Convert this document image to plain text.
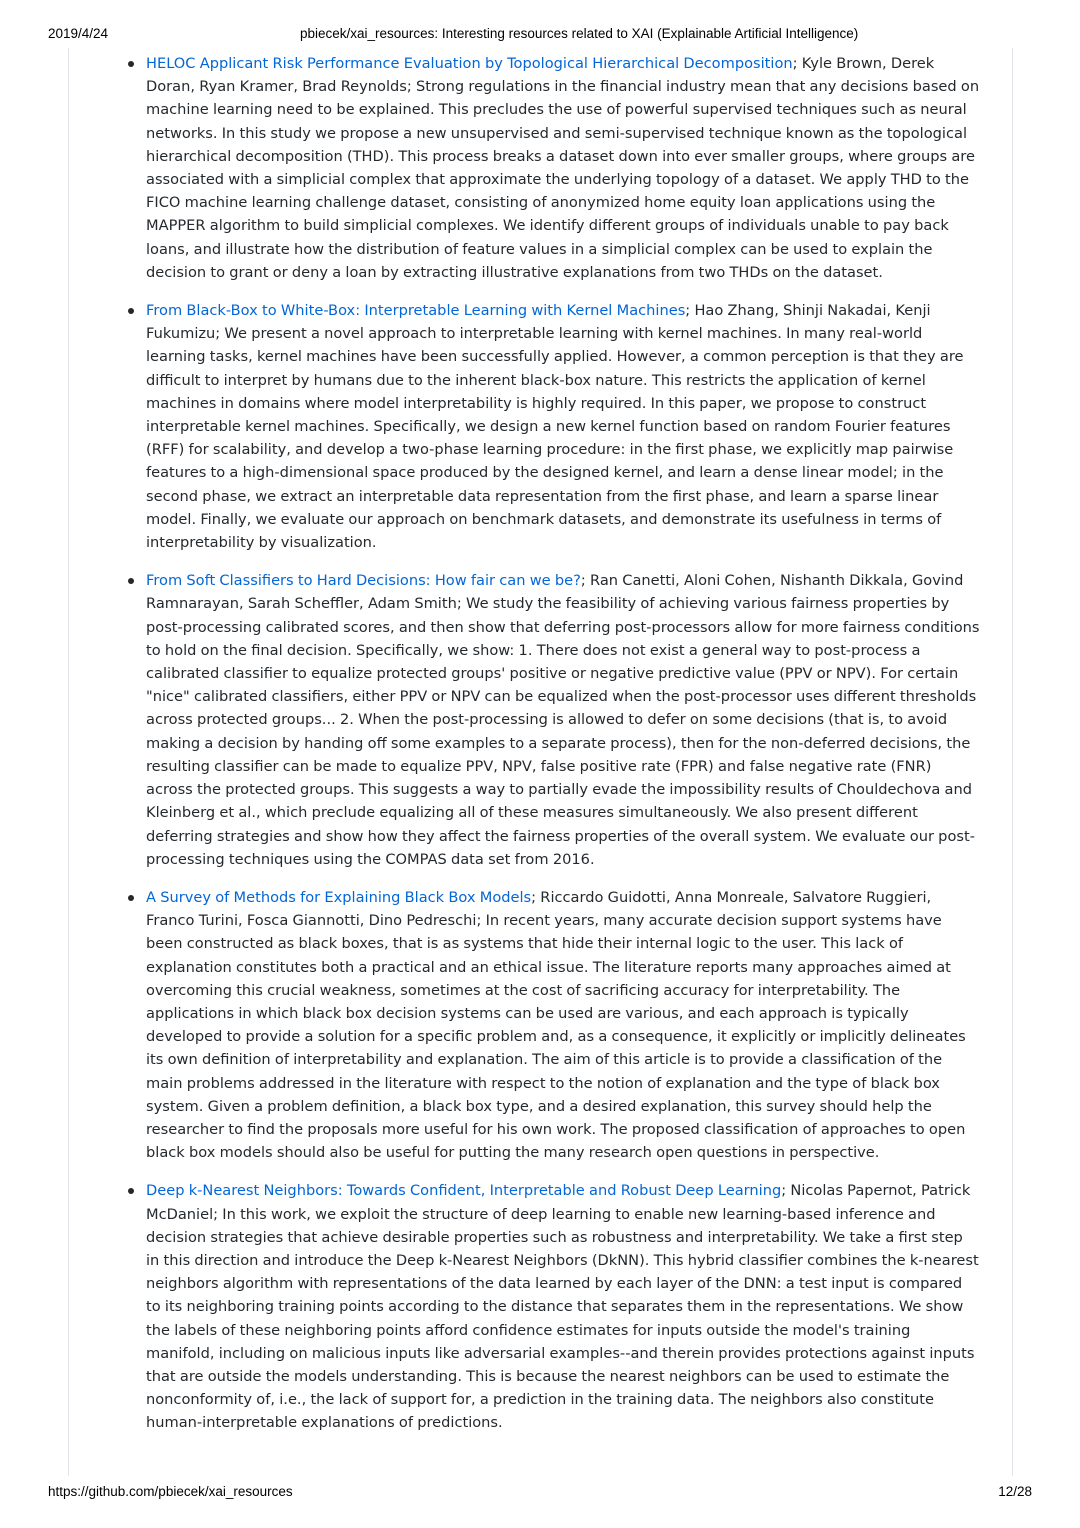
2019/4/24	pbiecek/xai_resources: Interesting resources related to XAI (Explainable Artificial Intelligence)
HELOC Applicant Risk Performance Evaluation by Topological Hierarchical Decomposition; Kyle Brown, Derek Doran, Ryan Kramer, Brad Reynolds; Strong regulations in the financial industry mean that any decisions based on machine learning need to be explained. This precludes the use of powerful supervised techniques such as neural networks. In this study we propose a new unsupervised and semi-supervised technique known as the topological hierarchical decomposition (THD). This process breaks a dataset down into ever smaller groups, where groups are associated with a simplicial complex that approximate the underlying topology of a dataset. We apply THD to the FICO machine learning challenge dataset, consisting of anonymized home equity loan applications using the MAPPER algorithm to build simplicial complexes. We identify different groups of individuals unable to pay back loans, and illustrate how the distribution of feature values in a simplicial complex can be used to explain the decision to grant or deny a loan by extracting illustrative explanations from two THDs on the dataset.
From Black-Box to White-Box: Interpretable Learning with Kernel Machines; Hao Zhang, Shinji Nakadai, Kenji Fukumizu; We present a novel approach to interpretable learning with kernel machines. In many real-world learning tasks, kernel machines have been successfully applied. However, a common perception is that they are difficult to interpret by humans due to the inherent black-box nature. This restricts the application of kernel machines in domains where model interpretability is highly required. In this paper, we propose to construct interpretable kernel machines. Specifically, we design a new kernel function based on random Fourier features (RFF) for scalability, and develop a two-phase learning procedure: in the first phase, we explicitly map pairwise features to a high-dimensional space produced by the designed kernel, and learn a dense linear model; in the second phase, we extract an interpretable data representation from the first phase, and learn a sparse linear model. Finally, we evaluate our approach on benchmark datasets, and demonstrate its usefulness in terms of interpretability by visualization.
From Soft Classifiers to Hard Decisions: How fair can we be?; Ran Canetti, Aloni Cohen, Nishanth Dikkala, Govind Ramnarayan, Sarah Scheffler, Adam Smith; We study the feasibility of achieving various fairness properties by post-processing calibrated scores, and then show that deferring post-processors allow for more fairness conditions to hold on the final decision. Specifically, we show: 1. There does not exist a general way to post-process a calibrated classifier to equalize protected groups' positive or negative predictive value (PPV or NPV). For certain "nice" calibrated classifiers, either PPV or NPV can be equalized when the post-processor uses different thresholds across protected groups... 2. When the post-processing is allowed to defer on some decisions (that is, to avoid making a decision by handing off some examples to a separate process), then for the non-deferred decisions, the resulting classifier can be made to equalize PPV, NPV, false positive rate (FPR) and false negative rate (FNR) across the protected groups. This suggests a way to partially evade the impossibility results of Chouldechova and Kleinberg et al., which preclude equalizing all of these measures simultaneously. We also present different deferring strategies and show how they affect the fairness properties of the overall system. We evaluate our post-processing techniques using the COMPAS data set from 2016.
A Survey of Methods for Explaining Black Box Models; Riccardo Guidotti, Anna Monreale, Salvatore Ruggieri, Franco Turini, Fosca Giannotti, Dino Pedreschi; In recent years, many accurate decision support systems have been constructed as black boxes, that is as systems that hide their internal logic to the user. This lack of explanation constitutes both a practical and an ethical issue. The literature reports many approaches aimed at overcoming this crucial weakness, sometimes at the cost of sacrificing accuracy for interpretability. The applications in which black box decision systems can be used are various, and each approach is typically developed to provide a solution for a specific problem and, as a consequence, it explicitly or implicitly delineates its own definition of interpretability and explanation. The aim of this article is to provide a classification of the main problems addressed in the literature with respect to the notion of explanation and the type of black box system. Given a problem definition, a black box type, and a desired explanation, this survey should help the researcher to find the proposals more useful for his own work. The proposed classification of approaches to open black box models should also be useful for putting the many research open questions in perspective.
Deep k-Nearest Neighbors: Towards Confident, Interpretable and Robust Deep Learning; Nicolas Papernot, Patrick McDaniel; In this work, we exploit the structure of deep learning to enable new learning-based inference and decision strategies that achieve desirable properties such as robustness and interpretability. We take a first step in this direction and introduce the Deep k-Nearest Neighbors (DkNN). This hybrid classifier combines the k-nearest neighbors algorithm with representations of the data learned by each layer of the DNN: a test input is compared to its neighboring training points according to the distance that separates them in the representations. We show the labels of these neighboring points afford confidence estimates for inputs outside the model's training manifold, including on malicious inputs like adversarial examples--and therein provides protections against inputs that are outside the models understanding. This is because the nearest neighbors can be used to estimate the nonconformity of, i.e., the lack of support for, a prediction in the training data. The neighbors also constitute human-interpretable explanations of predictions.
https://github.com/pbiecek/xai_resources	12/28
